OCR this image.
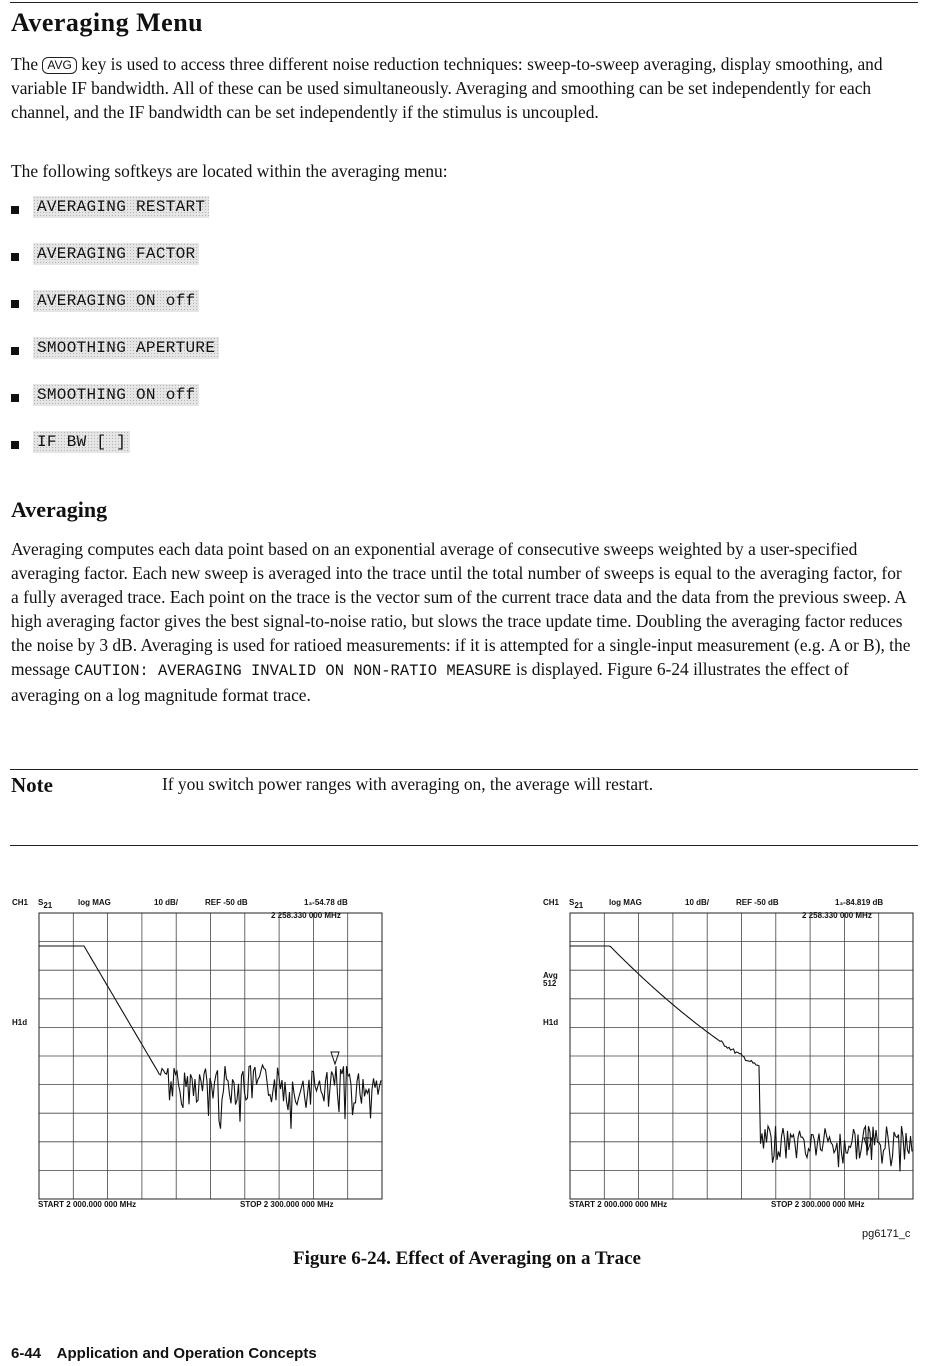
Averaging Menu

The AVG key is used to access three different noise reduction techniques: sweep-to-sweep averaging, display smoothing, and variable IF bandwidth. All of these can be used simultaneously. Averaging and smoothing can be set independently for each channel, and the IF bandwidth can be set independently if the stimulus is uncoupled.

The following softkeys are located within the averaging menu:

AVERAGING RESTART
AVERAGING FACTOR
AVERAGING ON off
SMOOTHING APERTURE
SMOOTHING ON off
IF BW [ ]
Averaging

Averaging computes each data point based on an exponential average of consecutive sweeps weighted by a user-specified averaging factor. Each new sweep is averaged into the trace until the total number of sweeps is equal to the averaging factor, for a fully averaged trace. Each point on the trace is the vector sum of the current trace data and the data from the previous sweep. A high averaging factor gives the best signal-to-noise ratio, but slows the trace update time. Doubling the averaging factor reduces the noise by 3 dB. Averaging is used for ratioed measurements: if it is attempted for a single-input measurement (e.g. A or B), the message CAUTION: AVERAGING INVALID ON NON-RATIO MEASURE is displayed. Figure 6-24 illustrates the effect of averaging on a log magnitude format trace.

Note	If you switch power ranges with averaging on, the average will restart.
CH1 S21	log MAG	10 dB/	REF -50 dB	1₃-54.78 dB
2 258.330 000 MHz
H1d
START 2 000.000 000 MHz	STOP 2 300.000 000 MHz
CH1 S21	log MAG	10 dB/	REF -50 dB	1₃-84.819 dB
2 258.330 000 MHz
Avg
512
H1d
START 2 000.000 000 MHz	STOP 2 300.000 000 MHz
pg6171_c
Figure 6-24. Effect of Averaging on a Trace
6-44 Application and Operation Concepts
